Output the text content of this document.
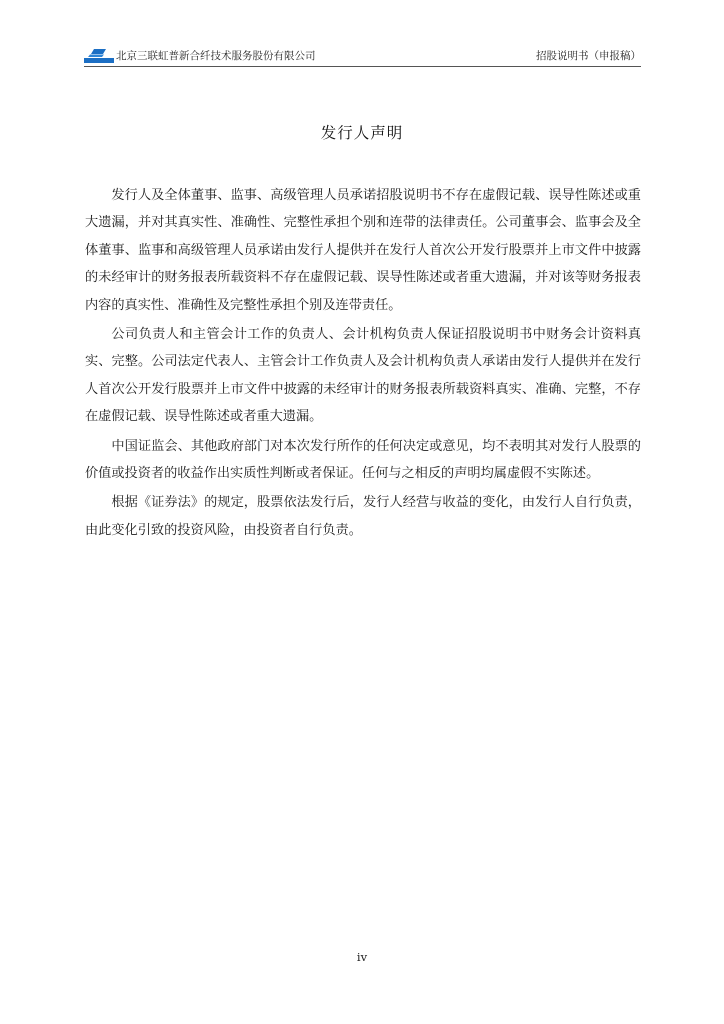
北京三联虹普新合纤技术服务股份有限公司	招股说明书（申报稿）
发行人声明

发行人及全体董事、监事、高级管理人员承诺招股说明书不存在虚假记载、误导性陈述或重大遗漏，并对其真实性、准确性、完整性承担个别和连带的法律责任。公司董事会、监事会及全体董事、监事和高级管理人员承诺由发行人提供并在发行人首次公开发行股票并上市文件中披露的未经审计的财务报表所载资料不存在虚假记载、误导性陈述或者重大遗漏，并对该等财务报表内容的真实性、准确性及完整性承担个别及连带责任。

公司负责人和主管会计工作的负责人、会计机构负责人保证招股说明书中财务会计资料真实、完整。公司法定代表人、主管会计工作负责人及会计机构负责人承诺由发行人提供并在发行人首次公开发行股票并上市文件中披露的未经审计的财务报表所载资料真实、准确、完整，不存在虚假记载、误导性陈述或者重大遗漏。

中国证监会、其他政府部门对本次发行所作的任何决定或意见，均不表明其对发行人股票的价值或投资者的收益作出实质性判断或者保证。任何与之相反的声明均属虚假不实陈述。

根据《证券法》的规定，股票依法发行后，发行人经营与收益的变化，由发行人自行负责，由此变化引致的投资风险，由投资者自行负责。

iv
